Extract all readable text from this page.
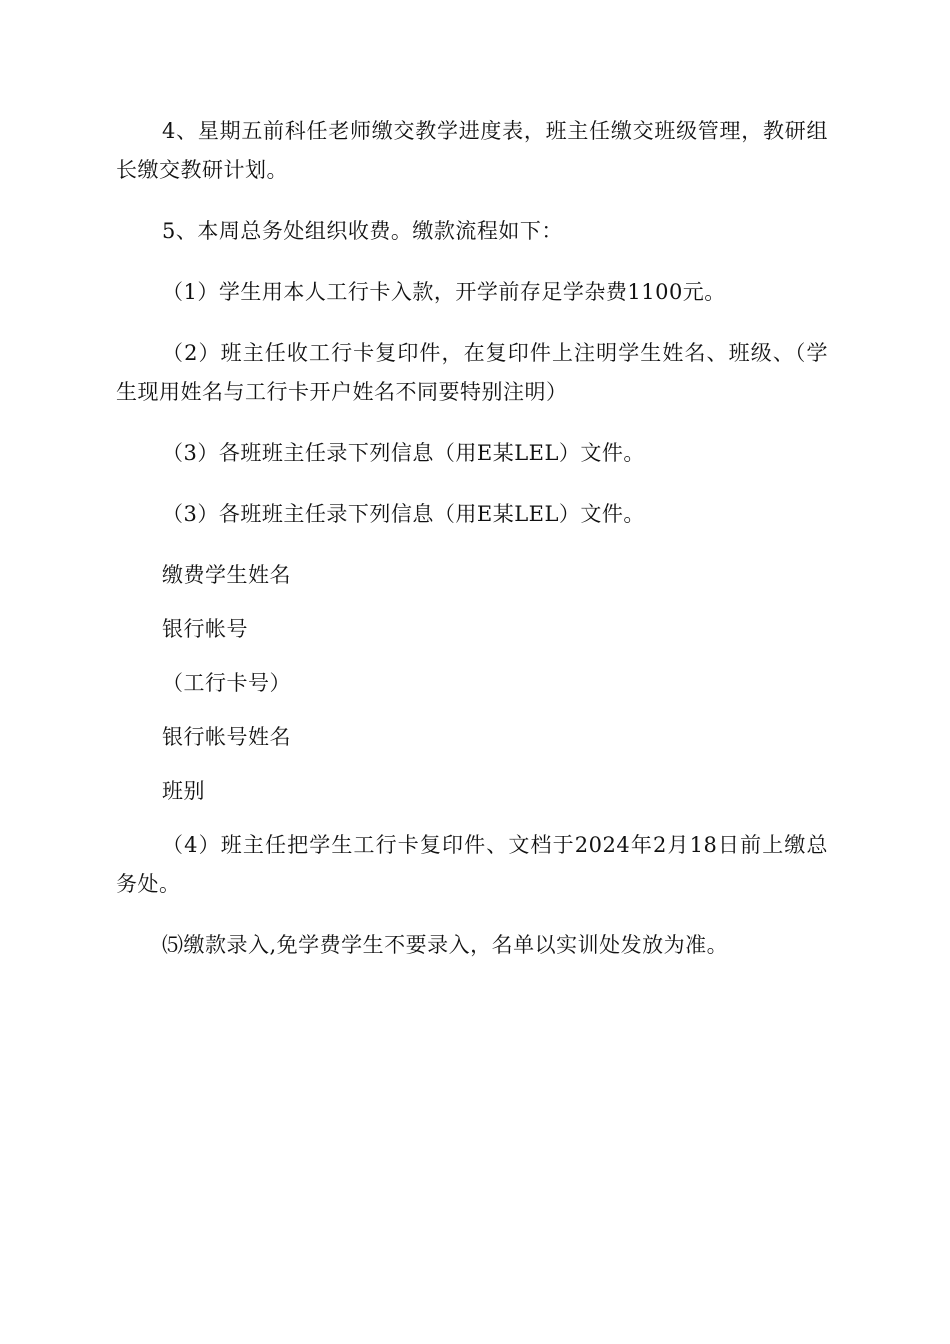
4、星期五前科任老师缴交教学进度表，班主任缴交班级管理，教研组长缴交教研计划。

5、本周总务处组织收费。缴款流程如下：

（1）学生用本人工行卡入款，开学前存足学杂费1100元。

（2）班主任收工行卡复印件，在复印件上注明学生姓名、班级、（学生现用姓名与工行卡开户姓名不同要特别注明）

（3）各班班主任录下列信息（用E某LEL）文件。

（3）各班班主任录下列信息（用E某LEL）文件。

缴费学生姓名

银行帐号

（工行卡号）

银行帐号姓名

班别

（4）班主任把学生工行卡复印件、文档于2024年2月18日前上缴总务处。

⑸缴款录入,免学费学生不要录入，名单以实训处发放为准。
